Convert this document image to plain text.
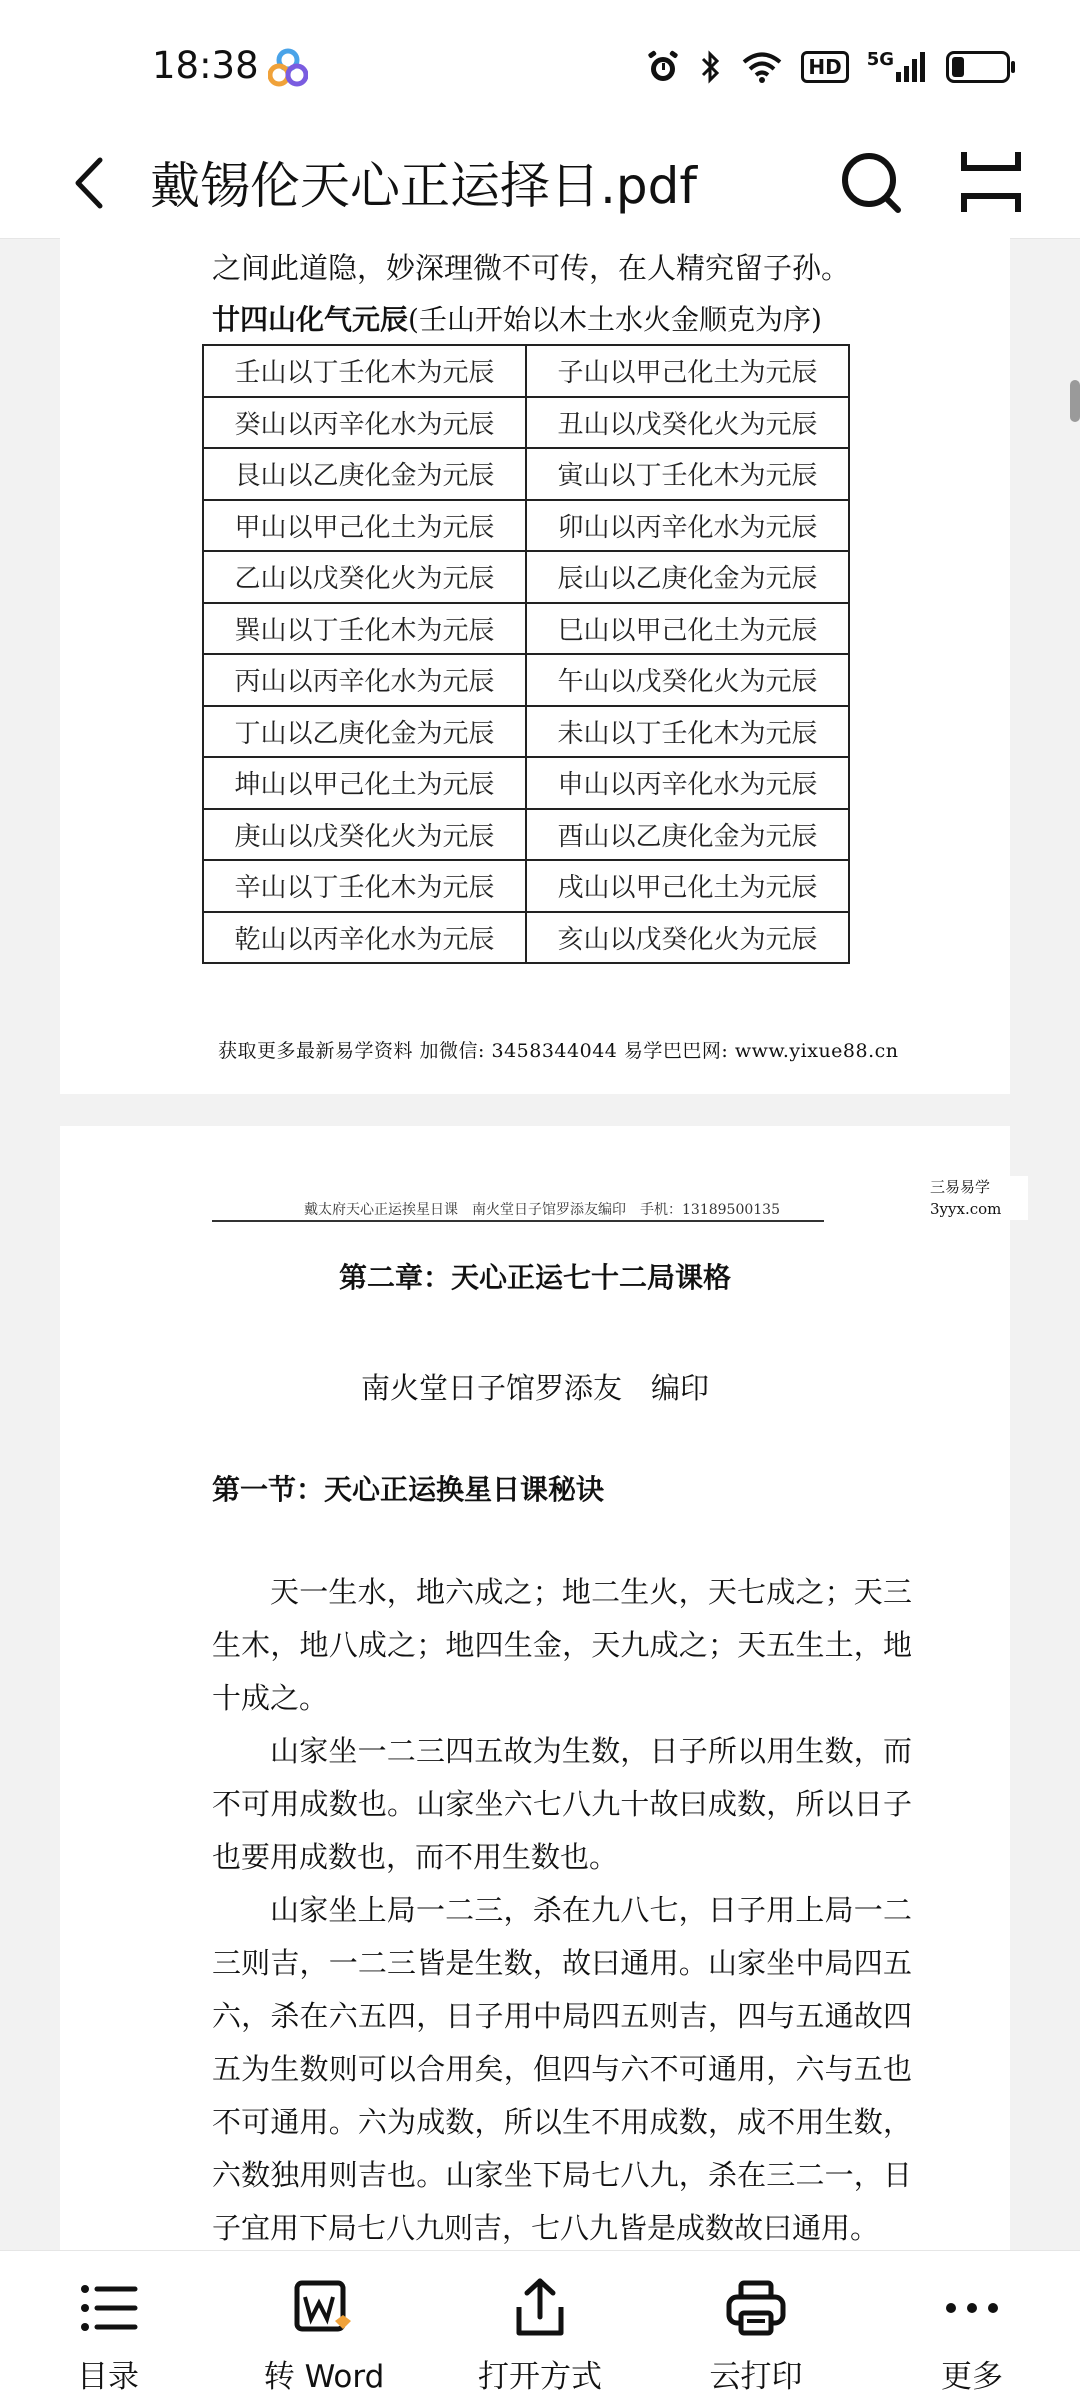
18:38	HD	5G
戴锡伦天心正运择日.pdf
之间此道隐，妙深理微不可传，在人精究留子孙。
廿四山化气元辰(壬山开始以木土水火金顺克为序)
壬山以丁壬化木为元辰	子山以甲己化土为元辰
癸山以丙辛化水为元辰	丑山以戊癸化火为元辰
艮山以乙庚化金为元辰	寅山以丁壬化木为元辰
甲山以甲己化土为元辰	卯山以丙辛化水为元辰
乙山以戊癸化火为元辰	辰山以乙庚化金为元辰
巽山以丁壬化木为元辰	巳山以甲己化土为元辰
丙山以丙辛化水为元辰	午山以戊癸化火为元辰
丁山以乙庚化金为元辰	未山以丁壬化木为元辰
坤山以甲己化土为元辰	申山以丙辛化水为元辰
庚山以戊癸化火为元辰	酉山以乙庚化金为元辰
辛山以丁壬化木为元辰	戌山以甲己化土为元辰
乾山以丙辛化水为元辰	亥山以戊癸化火为元辰
获取更多最新易学资料 加微信: 3458344044 易学巴巴网: www.yixue88.cn
戴太府天心正运挨星日课　南火堂日子馆罗添友编印　手机：13189500135
三易易学
3yyx.com
第二章：天心正运七十二局课格
南火堂日子馆罗添友　编印
第一节：天心正运换星日课秘诀

天一生水，地六成之；地二生火，天七成之；天三生木，地八成之；地四生金，天九成之；天五生土，地十成之。

山家坐一二三四五故为生数，日子所以用生数，而不可用成数也。山家坐六七八九十故曰成数，所以日子也要用成数也，而不用生数也。

山家坐上局一二三，杀在九八七，日子用上局一二三则吉，一二三皆是生数，故曰通用。山家坐中局四五六，杀在六五四，日子用中局四五则吉，四与五通故四五为生数则可以合用矣，但四与六不可通用，六与五也不可通用。六为成数，所以生不用成数，成不用生数，六数独用则吉也。山家坐下局七八九，杀在三二一，日子宜用下局七八九则吉，七八九皆是成数故曰通用。

目录	转 Word	打开方式	云打印	更多
